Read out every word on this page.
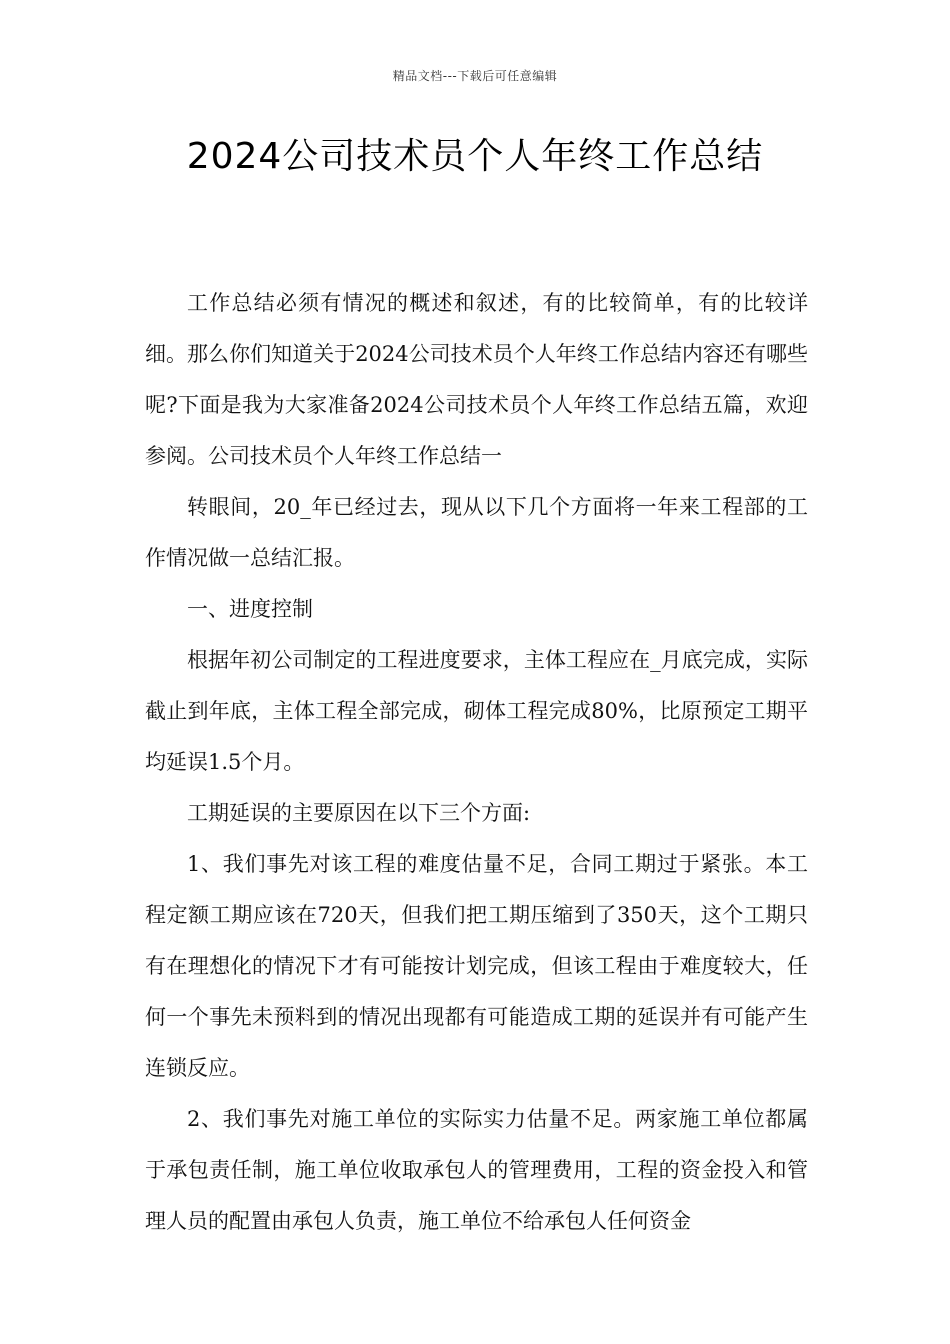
精品文档---下载后可任意编辑
2024公司技术员个人年终工作总结

工作总结必须有情况的概述和叙述，有的比较简单，有的比较详细。那么你们知道关于2024公司技术员个人年终工作总结内容还有哪些呢?下面是我为大家准备2024公司技术员个人年终工作总结五篇，欢迎参阅。公司技术员个人年终工作总结一

转眼间，20_年已经过去，现从以下几个方面将一年来工程部的工作情况做一总结汇报。

一、进度控制

根据年初公司制定的工程进度要求，主体工程应在_月底完成，实际截止到年底，主体工程全部完成，砌体工程完成80%，比原预定工期平均延误1.5个月。

工期延误的主要原因在以下三个方面:

1、我们事先对该工程的难度估量不足，合同工期过于紧张。本工程定额工期应该在720天，但我们把工期压缩到了350天，这个工期只有在理想化的情况下才有可能按计划完成，但该工程由于难度较大，任何一个事先未预料到的情况出现都有可能造成工期的延误并有可能产生连锁反应。

2、我们事先对施工单位的实际实力估量不足。两家施工单位都属于承包责任制，施工单位收取承包人的管理费用，工程的资金投入和管理人员的配置由承包人负责，施工单位不给承包人任何资金
